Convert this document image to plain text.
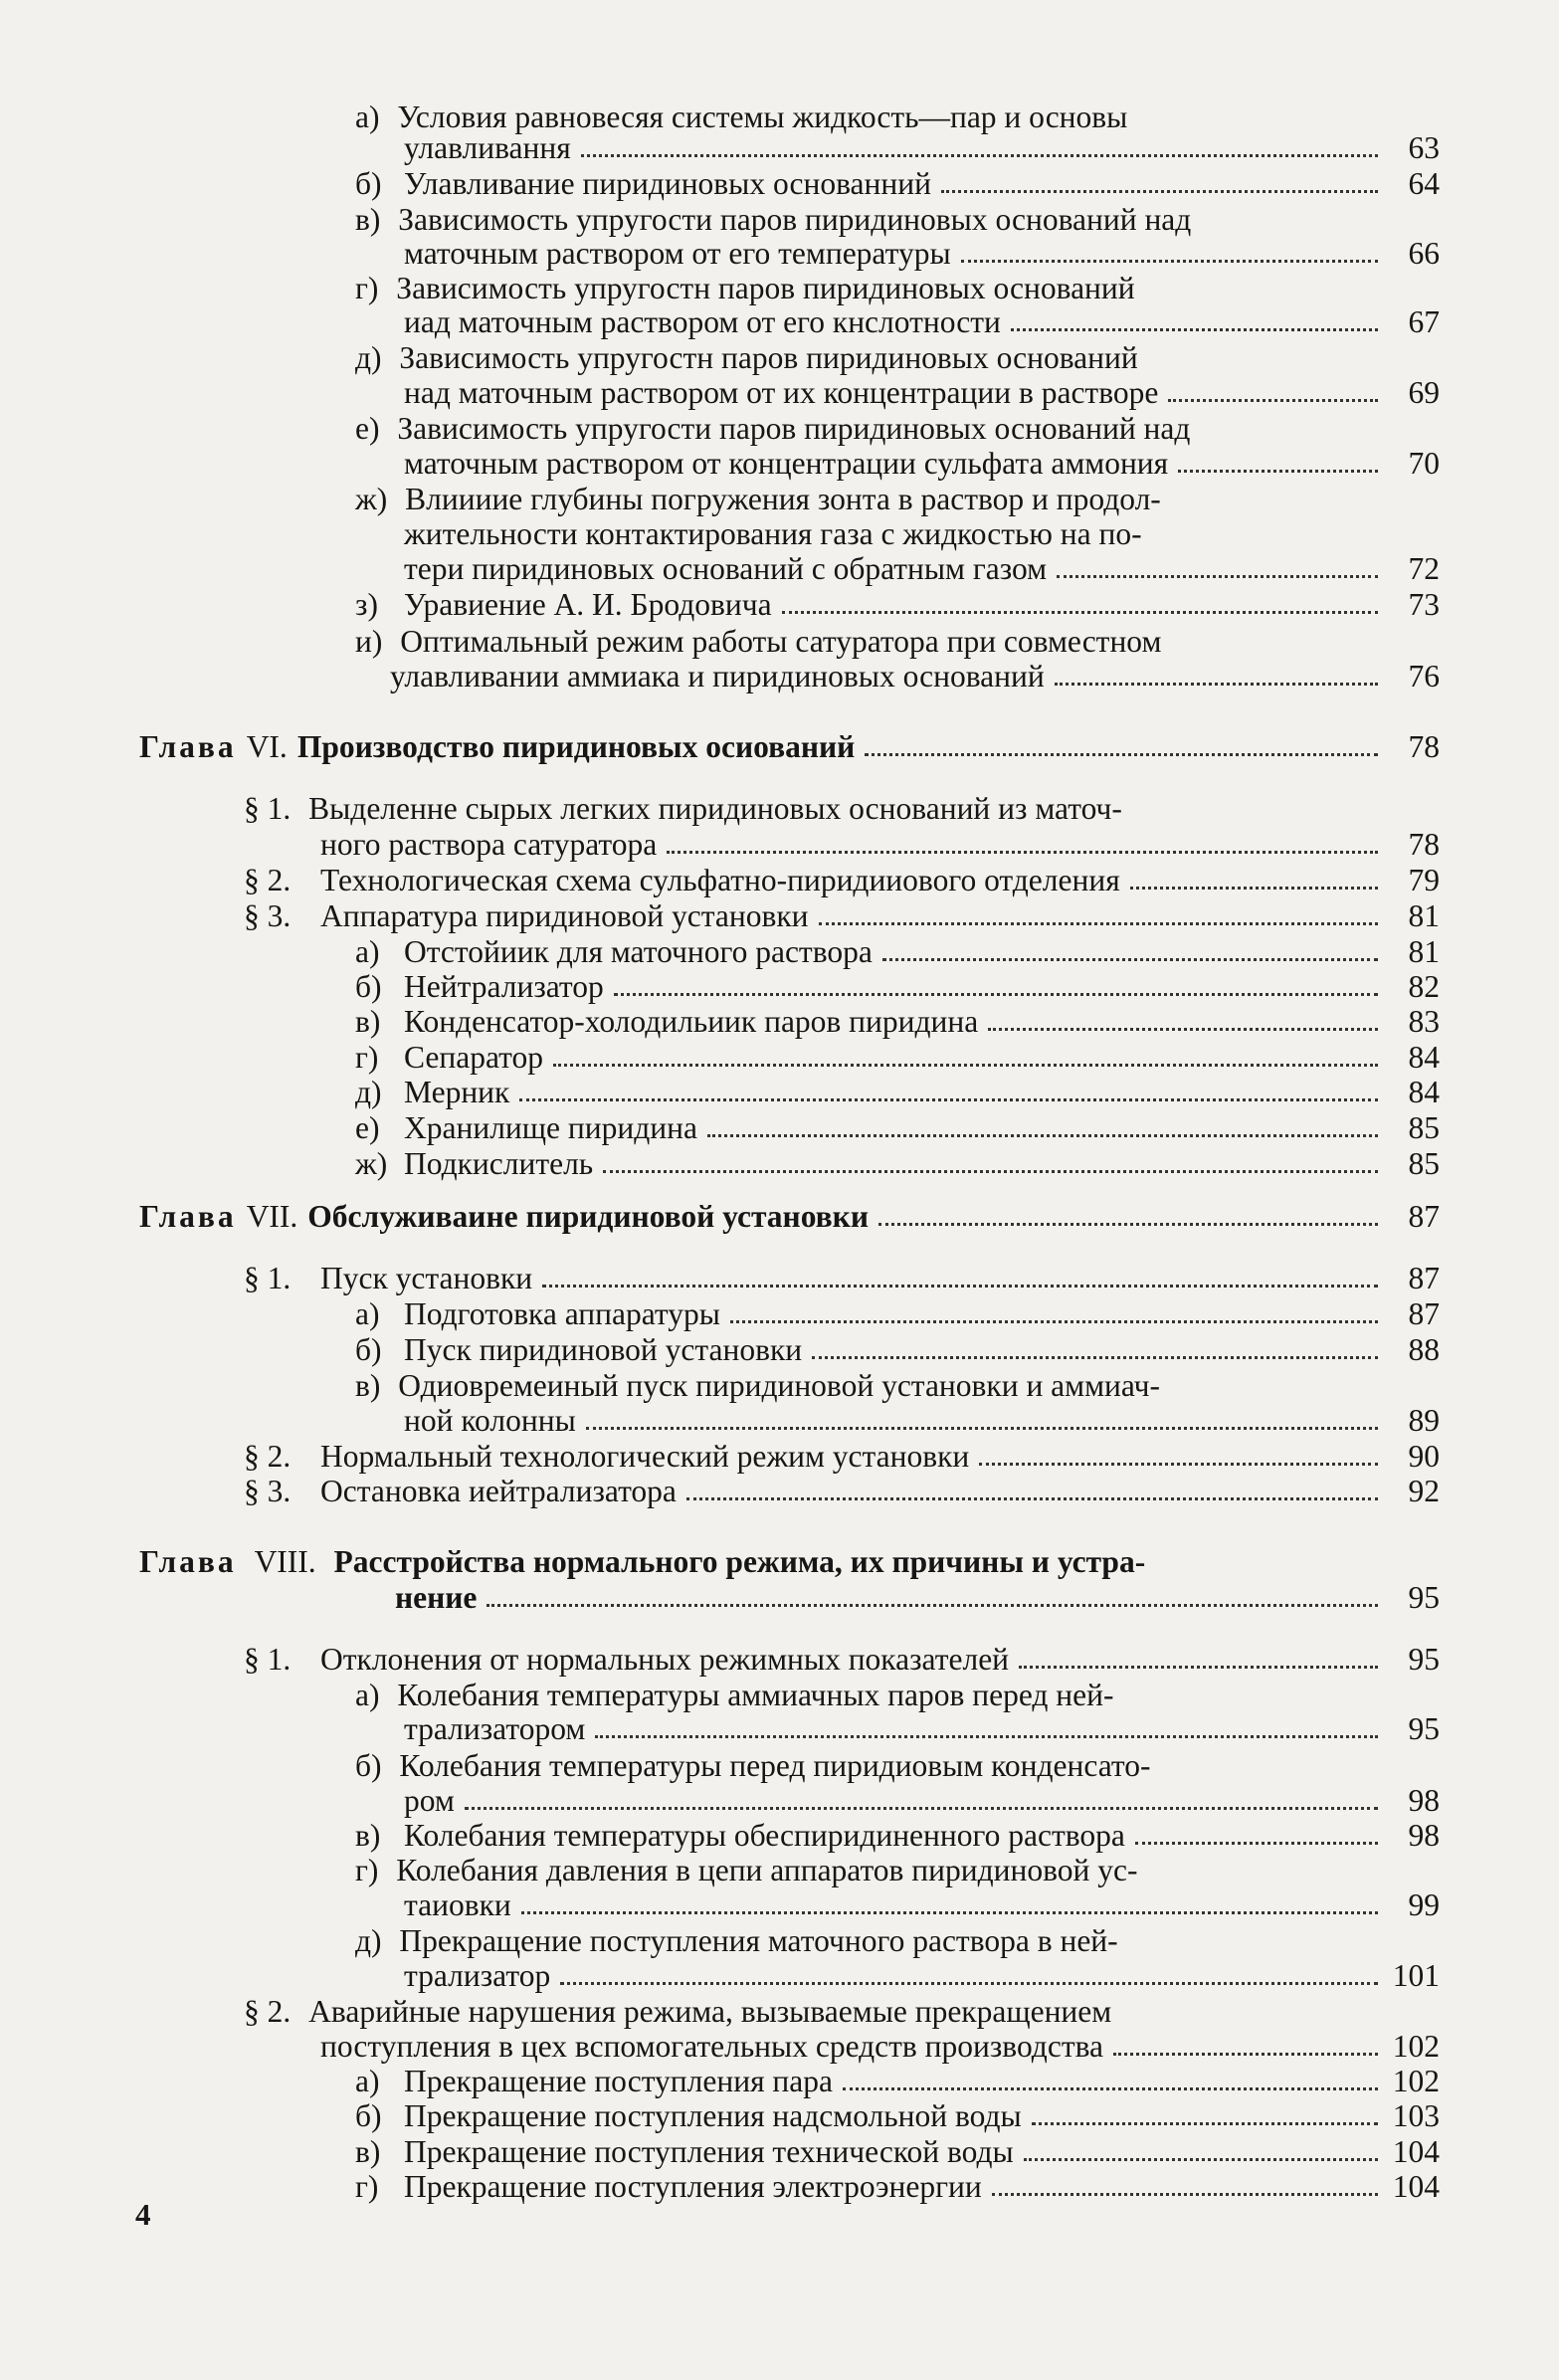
а) Условия равновесяя системы жидкость—пар и основы
улавливання	63
б) Улавливание пиридиновых основанний	64
в) Зависимость упругости паров пиридиновых оснований над
маточным раствором от его температуры	66
г) Зависимость упругостн паров пиридиновых оснований
иад маточным раствором от его кнслотности	67
д) Зависимость упругостн паров пиридиновых оснований
над маточным раствором от их концентрации в растворе	69
е) Зависимость упругости паров пиридиновых оснований над
маточным раствором от концентрации сульфата аммония	70
ж) Влиииие глубины погружения зонта в раствор и продол-
жительности контактирования газа с жидкостью на по-
тери пиридиновых оснований с обратным газом	72
з) Уравиение А. И. Бродовича	73
и) Оптимальный режим работы сатуратора при совместном
улавливании аммиака и пиридиновых оснований	76
Глава VI. Производство пиридиновых осиований	78
§ 1. Выделенне сырых легких пиридиновых оснований из маточ-
ного раствора сатуратора	78
§ 2. Технологическая схема сульфатно-пиридииового отделения	79
§ 3. Аппаратура пиридиновой установки	81
а) Отстойиик для маточного раствора	81
б) Нейтрализатор	82
в) Конденсатор-холодильиик паров пиридина	83
г) Сепаратор	84
д) Мерник	84
е) Хранилище пиридина	85
ж) Подкислитель	85
Глава VII. Обслуживаине пиридиновой установки	87
§ 1. Пуск установки	87
а) Подготовка аппаратуры	87
б) Пуск пиридиновой установки	88
в) Одиовремеиный пуск пиридиновой установки и аммиач-
ной колонны	89
§ 2. Нормальный технологический режим установки	90
§ 3. Остановка иейтрализатора	92
Глава VIII. Расстройства нормального режима, их причины и устра-
нение	95
§ 1. Отклонения от нормальных режимных показателей	95
а) Колебания температуры аммиачных паров перед ней-
трализатором	95
б) Колебания температуры перед пиридиовым конденсато-
ром	98
в) Колебания температуры обеспиридиненного раствора	98
г) Колебания давления в цепи аппаратов пиридиновой ус-
таиовки	99
д) Прекращение поступления маточного раствора в ней-
трализатор	101
§ 2. Аварийные нарушения режима, вызываемые прекращением
поступления в цех вспомогательных средств производства	102
а) Прекращение поступления пара	102
б) Прекращение поступления надсмольной воды	103
в) Прекращение поступления технической воды	104
г) Прекращение поступления электроэнергии	104
4
